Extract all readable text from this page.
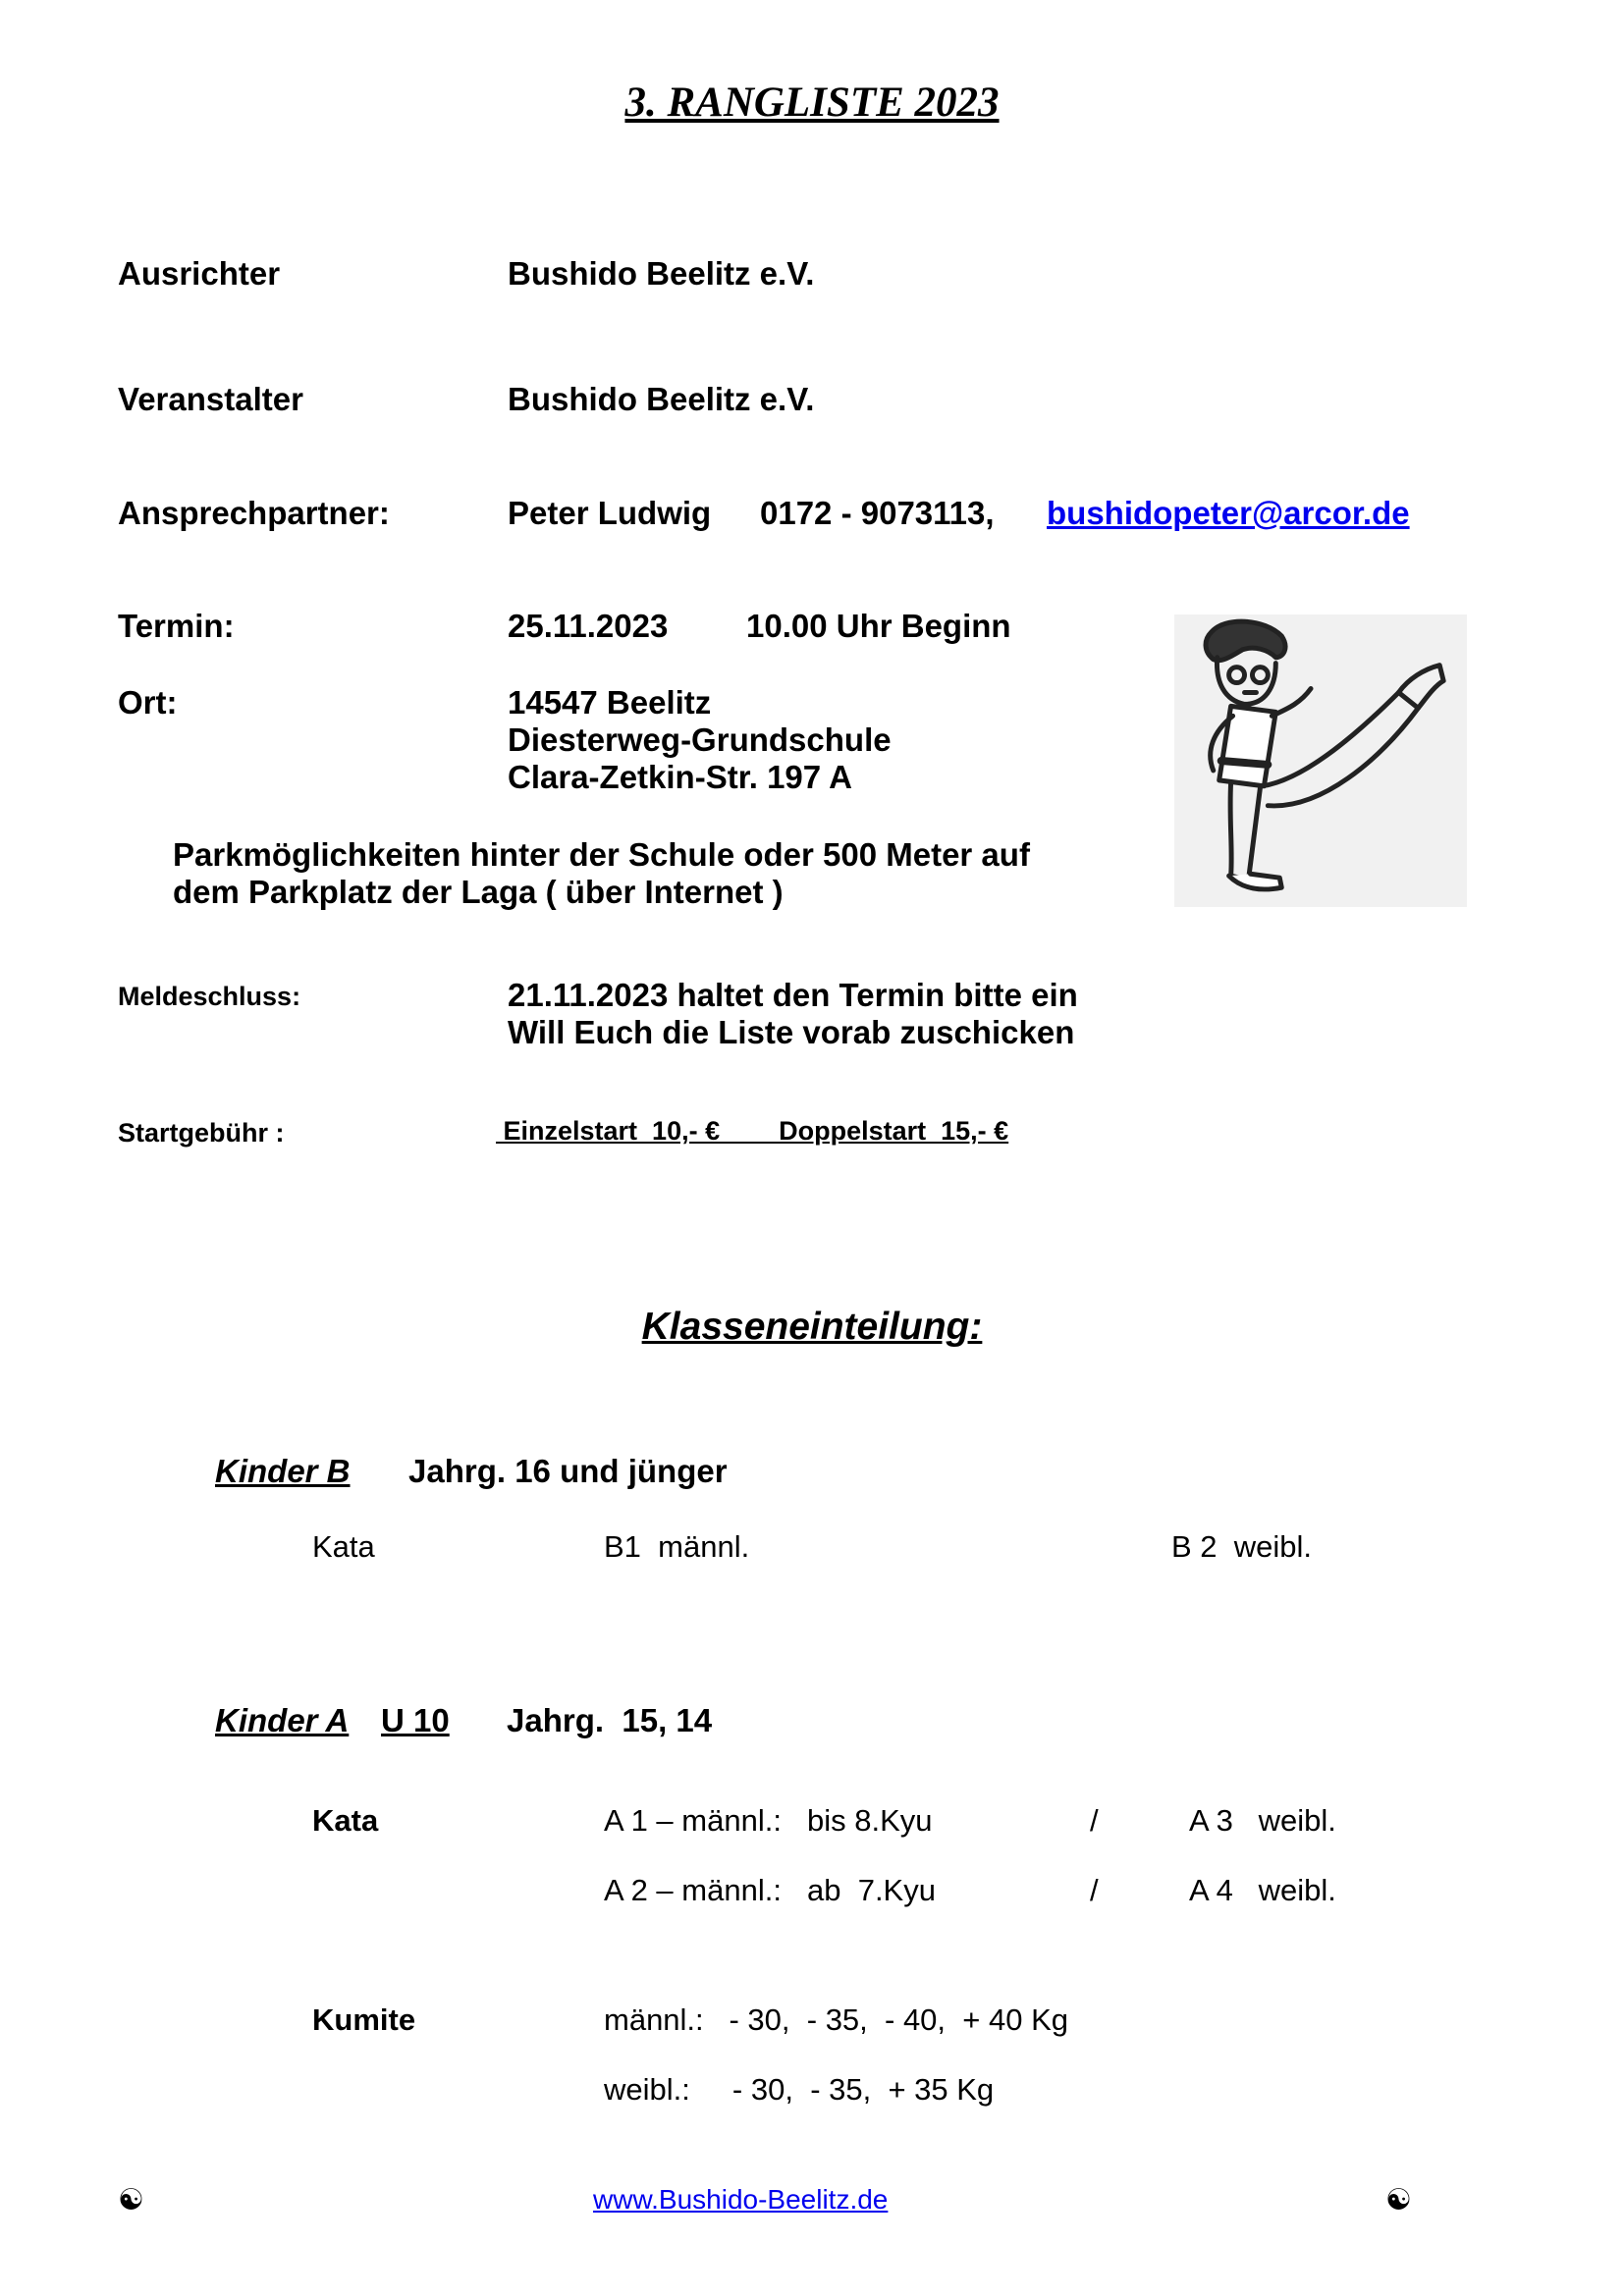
3. RANGLISTE 2023
Ausrichter	Bushido Beelitz e.V.
Veranstalter	Bushido Beelitz e.V.
Ansprechpartner:	Peter Ludwig 0172 - 9073113, bushidopeter@arcor.de
Termin:	25.11.2023 10.00 Uhr Beginn
Ort:	14547 Beelitz
Diesterweg-Grundschule
Clara-Zetkin-Str. 197 A
Parkmöglichkeiten hinter der Schule oder 500 Meter auf
dem Parkplatz der Laga ( über Internet )
Meldeschluss:	21.11.2023 haltet den Termin bitte ein
Will Euch die Liste vorab zuschicken
Startgebühr :	Einzelstart  10,- €        Doppelstart  15,- €
Klasseneinteilung:
Kinder B Jahrg. 16 und jünger
Kata	B1  männl.	B 2  weibl.
Kinder A U 10 Jahrg.  15, 14
Kata	A 1 – männl.: bis 8.Kyu	/	A 3   weibl.
A 2 – männl.: ab  7.Kyu	/	A 4   weibl.
Kumite	männl.:   - 30,  - 35,  - 40,  + 40 Kg
weibl.:     - 30,  - 35,  + 35 Kg
☯	www.Bushido-Beelitz.de	☯
